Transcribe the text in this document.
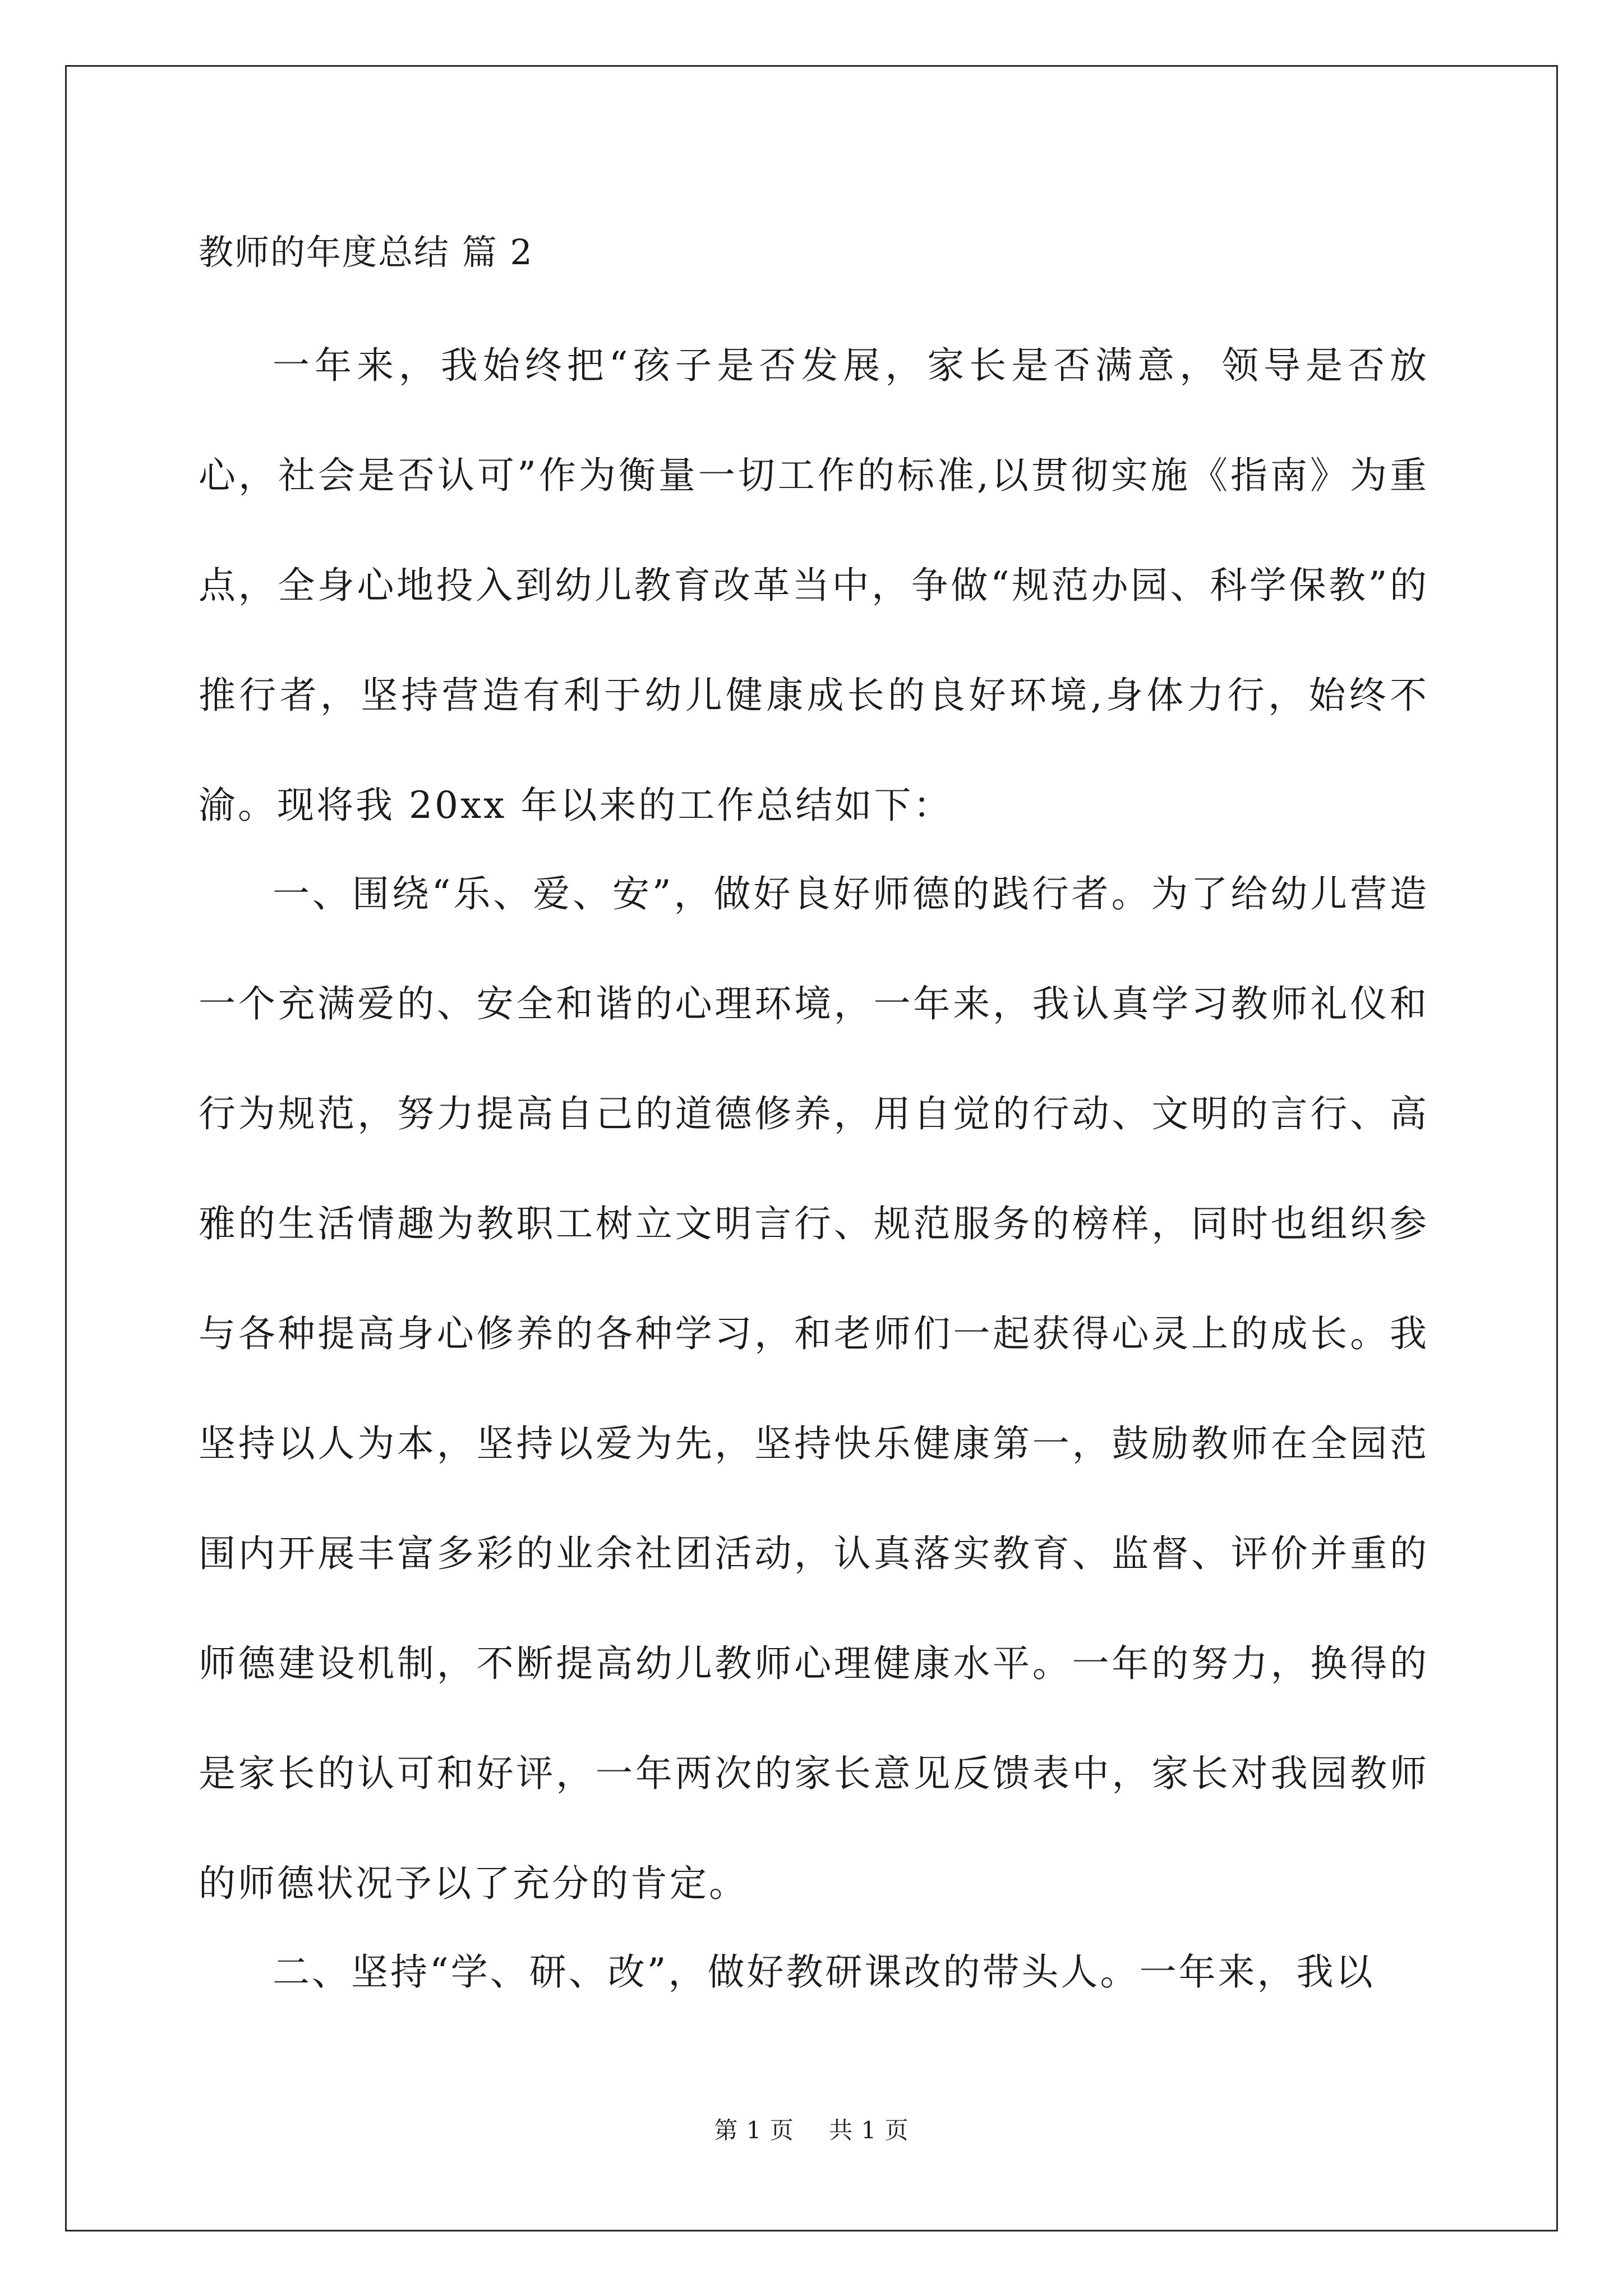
教师的年度总结 篇 2

一年来，我始终把“孩子是否发展，家长是否满意，领导是否放心，社会是否认可”作为衡量一切工作的标准,以贯彻实施《指南》为重点，全身心地投入到幼儿教育改革当中，争做“规范办园、科学保教”的推行者，坚持营造有利于幼儿健康成长的良好环境,身体力行，始终不渝。现将我 20xx 年以来的工作总结如下：

一、围绕“乐、爱、安”，做好良好师德的践行者。为了给幼儿营造一个充满爱的、安全和谐的心理环境，一年来，我认真学习教师礼仪和行为规范，努力提高自己的道德修养，用自觉的行动、文明的言行、高雅的生活情趣为教职工树立文明言行、规范服务的榜样，同时也组织参与各种提高身心修养的各种学习，和老师们一起获得心灵上的成长。我坚持以人为本，坚持以爱为先，坚持快乐健康第一，鼓励教师在全园范围内开展丰富多彩的业余社团活动，认真落实教育、监督、评价并重的师德建设机制，不断提高幼儿教师心理健康水平。一年的努力，换得的是家长的认可和好评，一年两次的家长意见反馈表中，家长对我园教师的师德状况予以了充分的肯定。

二、坚持“学、研、改”，做好教研课改的带头人。一年来，我以

第 1 页 共 1 页
